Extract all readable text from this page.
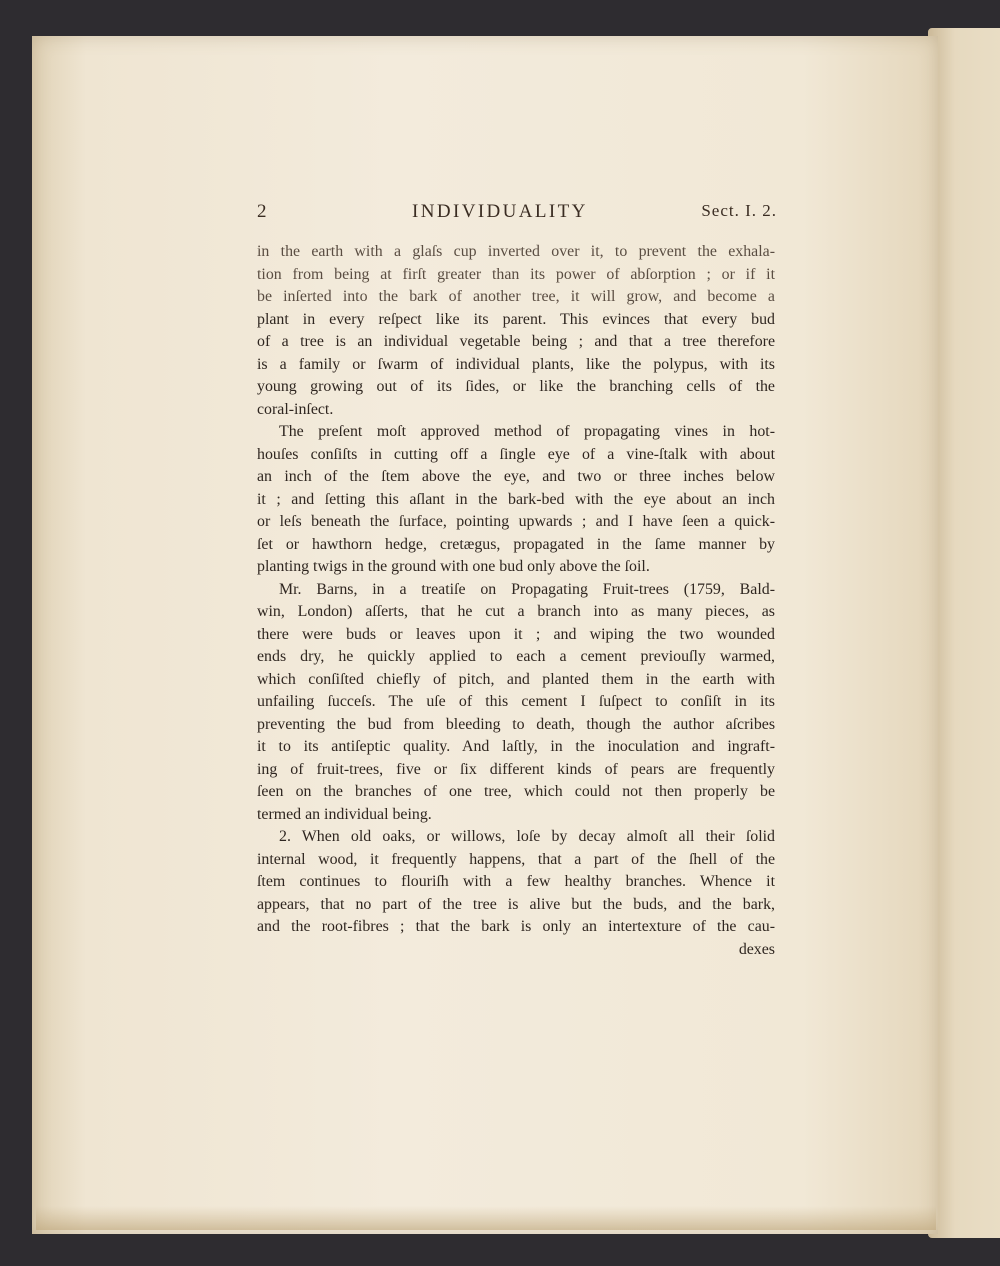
2	INDIVIDUALITY	Sect. I. 2.
in the earth with a glaſs cup inverted over it, to prevent the exhala-
tion from being at firſt greater than its power of abſorption ; or if it
be inſerted into the bark of another tree, it will grow, and become a
plant in every reſpect like its parent. This evinces that every bud
of a tree is an individual vegetable being ; and that a tree therefore
is a family or ſwarm of individual plants, like the polypus, with its
young growing out of its ſides, or like the branching cells of the
coral-inſect.
The preſent moſt approved method of propagating vines in hot-
houſes conſiſts in cutting off a ſingle eye of a vine-ſtalk with about
an inch of the ſtem above the eye, and two or three inches below
it ; and ſetting this aſlant in the bark-bed with the eye about an inch
or leſs beneath the ſurface, pointing upwards ; and I have ſeen a quick-
ſet or hawthorn hedge, cretægus, propagated in the ſame manner by
planting twigs in the ground with one bud only above the ſoil.
Mr. Barns, in a treatiſe on Propagating Fruit-trees (1759, Bald-
win, London) aſſerts, that he cut a branch into as many pieces, as
there were buds or leaves upon it ; and wiping the two wounded
ends dry, he quickly applied to each a cement previouſly warmed,
which conſiſted chiefly of pitch, and planted them in the earth with
unfailing ſucceſs. The uſe of this cement I ſuſpect to conſiſt in its
preventing the bud from bleeding to death, though the author aſcribes
it to its antiſeptic quality. And laſtly, in the inoculation and ingraft-
ing of fruit-trees, five or ſix different kinds of pears are frequently
ſeen on the branches of one tree, which could not then properly be
termed an individual being.
2. When old oaks, or willows, loſe by decay almoſt all their ſolid
internal wood, it frequently happens, that a part of the ſhell of the
ſtem continues to flouriſh with a few healthy branches. Whence it
appears, that no part of the tree is alive but the buds, and the bark,
and the root-fibres ; that the bark is only an intertexture of the cau-
dexes
